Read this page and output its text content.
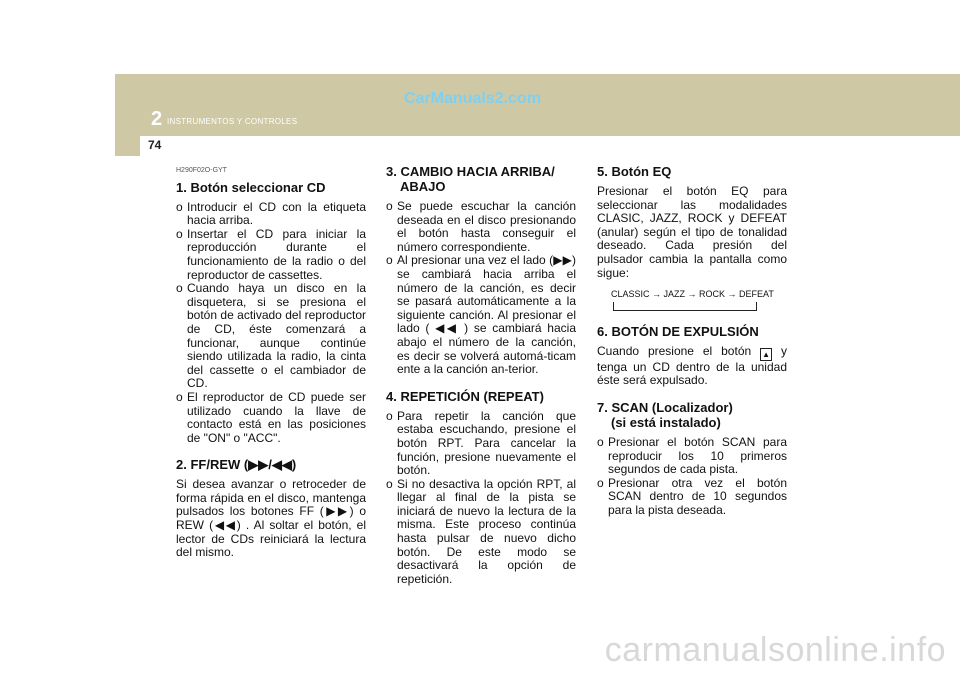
2 INSTRUMENTOS Y CONTROLES
CarManuals2.com
74
H290F02O-GYT
1. Botón seleccionar CD
o Introducir el CD con la etiqueta hacia arriba.
o Insertar el CD para iniciar la reproducción durante el funcionamiento de la radio o del reproductor de cassettes.
o Cuando haya un disco en la disquetera, si se presiona el botón de activado del reproductor de CD, éste comenzará a funcionar, aunque continúe siendo utilizada la radio, la cinta del cassette o el cambiador de CD.
o El reproductor de CD puede ser utilizado cuando la llave de contacto está en las posiciones de "ON" o "ACC".
2. FF/REW (▶▶/◀◀)

Si desea avanzar o retroceder de forma rápida en el disco, mantenga pulsados los botones FF (▶▶) o REW (◀◀) . Al soltar el botón, el lector de CDs reiniciará la lectura del mismo.

3. CAMBIO HACIA ARRIBA/
ABAJO
o Se puede escuchar la canción deseada en el disco presionando el botón hasta conseguir el número correspondiente.
o Al presionar una vez el lado (▶▶) se cambiará hacia arriba el número de la canción, es decir se pasará automáticamente a la siguiente canción. Al presionar el lado ( ◀◀ ) se cambiará hacia abajo el número de la canción, es decir se volverá automá-ticam ente a la canción an-terior.
4. REPETICIÓN (REPEAT)
o Para repetir la canción que estaba escuchando, presione el botón RPT. Para cancelar la función, presione nuevamente el botón.
o Si no desactiva la opción RPT, al llegar al final de la pista se iniciará de nuevo la lectura de la misma. Este proceso continúa hasta pulsar de nuevo dicho botón. De este modo se desactivará la opción de repetición.
5. Botón EQ

Presionar el botón EQ para seleccionar las modalidades CLASIC, JAZZ, ROCK y DEFEAT (anular) según el tipo de tonalidad deseado. Cada presión del pulsador cambia la pantalla como sigue:

CLASSIC → JAZZ → ROCK → DEFEAT
6. BOTÓN DE EXPULSIÓN

Cuando presione el botón ▲ y tenga un CD dentro de la unidad éste será expulsado.

7. SCAN (Localizador)
(si está instalado)
o Presionar el botón SCAN para reproducir los 10 primeros segundos de cada pista.
o Presionar otra vez el botón SCAN dentro de 10 segundos para la pista deseada.
carmanualsonline.info
